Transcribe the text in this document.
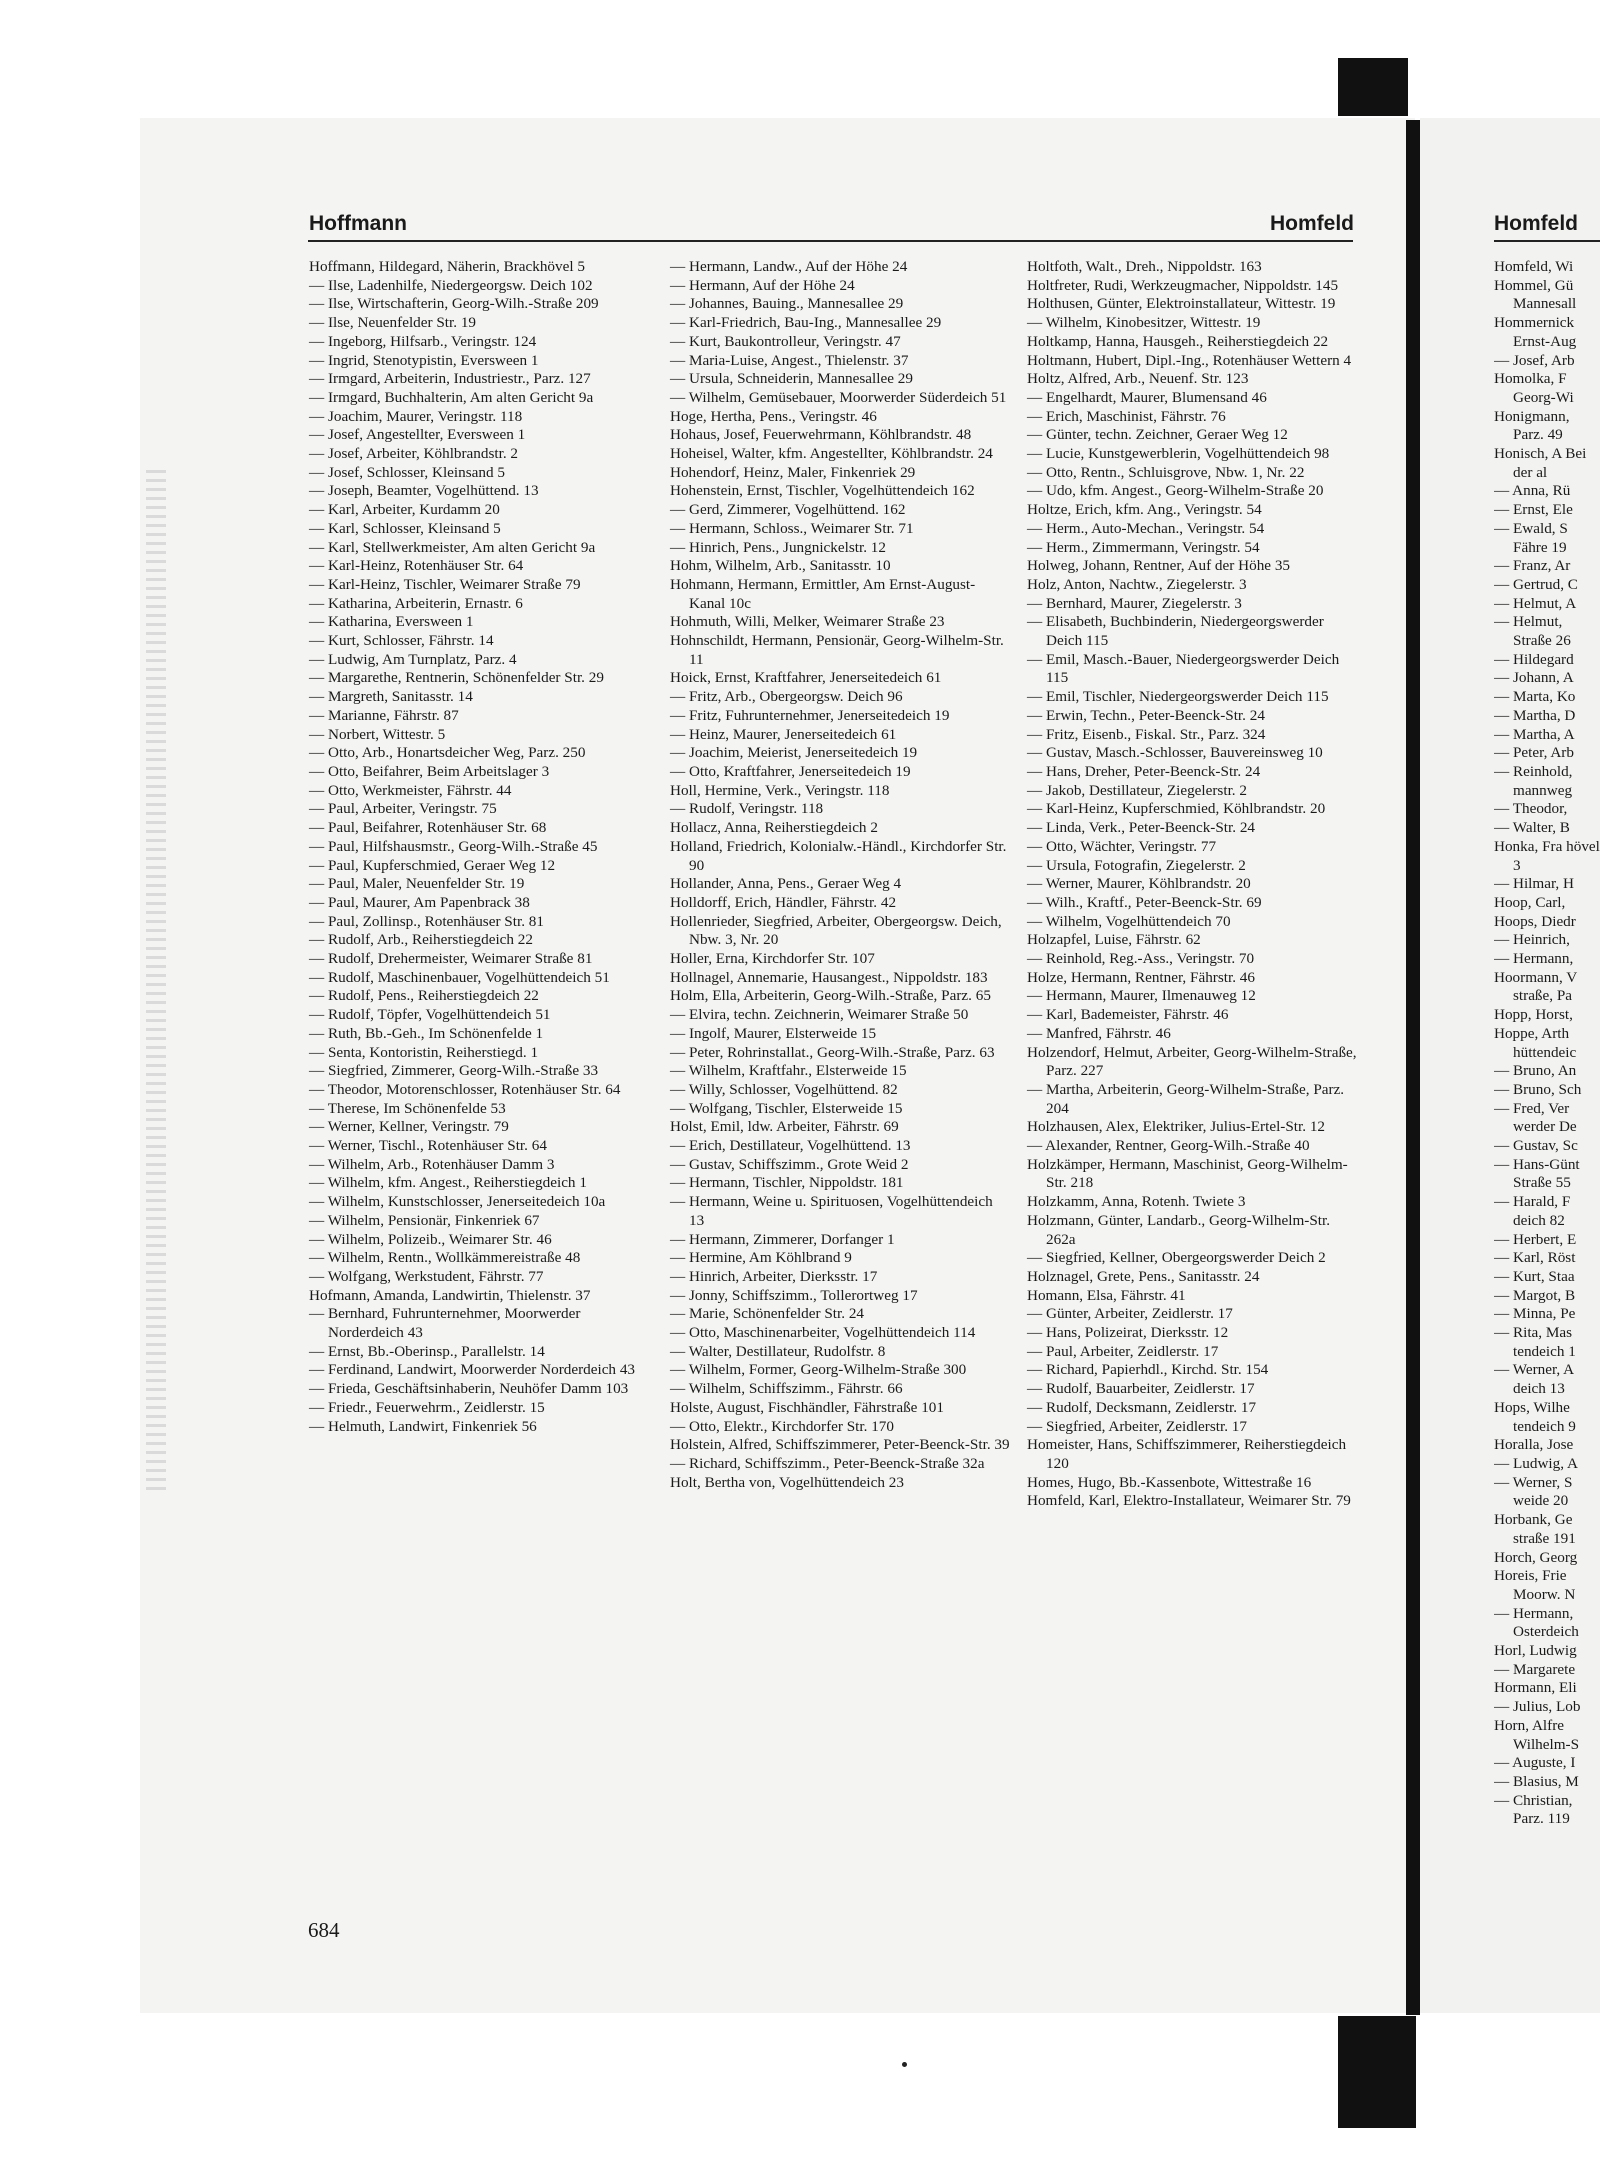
Hoffmann	Homfeld	Homfeld

Hoffmann, Hildegard, Näherin, Brackhövel 5

— Ilse, Ladenhilfe, Niedergeorgsw. Deich 102

— Ilse, Wirtschafterin, Georg-Wilh.-Straße 209

— Ilse, Neuenfelder Str. 19

— Ingeborg, Hilfsarb., Veringstr. 124

— Ingrid, Stenotypistin, Eversween 1

— Irmgard, Arbeiterin, Industriestr., Parz. 127

— Irmgard, Buchhalterin, Am alten Gericht 9a

— Joachim, Maurer, Veringstr. 118

— Josef, Angestellter, Eversween 1

— Josef, Arbeiter, Köhlbrandstr. 2

— Josef, Schlosser, Kleinsand 5

— Joseph, Beamter, Vogelhüttend. 13

— Karl, Arbeiter, Kurdamm 20

— Karl, Schlosser, Kleinsand 5

— Karl, Stellwerkmeister, Am alten Gericht 9a

— Karl-Heinz, Rotenhäuser Str. 64

— Karl-Heinz, Tischler, Weimarer Straße 79

— Katharina, Arbeiterin, Ernastr. 6

— Katharina, Eversween 1

— Kurt, Schlosser, Fährstr. 14

— Ludwig, Am Turnplatz, Parz. 4

— Margarethe, Rentnerin, Schönenfelder Str. 29

— Margreth, Sanitasstr. 14

— Marianne, Fährstr. 87

— Norbert, Wittestr. 5

— Otto, Arb., Honartsdeicher Weg, Parz. 250

— Otto, Beifahrer, Beim Arbeitslager 3

— Otto, Werkmeister, Fährstr. 44

— Paul, Arbeiter, Veringstr. 75

— Paul, Beifahrer, Rotenhäuser Str. 68

— Paul, Hilfshausmstr., Georg-Wilh.-Straße 45

— Paul, Kupferschmied, Geraer Weg 12

— Paul, Maler, Neuenfelder Str. 19

— Paul, Maurer, Am Papenbrack 38

— Paul, Zollinsp., Rotenhäuser Str. 81

— Rudolf, Arb., Reiherstiegdeich 22

— Rudolf, Drehermeister, Weimarer Straße 81

— Rudolf, Maschinenbauer, Vogelhüttendeich 51

— Rudolf, Pens., Reiherstiegdeich 22

— Rudolf, Töpfer, Vogelhüttendeich 51

— Ruth, Bb.-Geh., Im Schönenfelde 1

— Senta, Kontoristin, Reiherstiegd. 1

— Siegfried, Zimmerer, Georg-Wilh.-Straße 33

— Theodor, Motorenschlosser, Rotenhäuser Str. 64

— Therese, Im Schönenfelde 53

— Werner, Kellner, Veringstr. 79

— Werner, Tischl., Rotenhäuser Str. 64

— Wilhelm, Arb., Rotenhäuser Damm 3

— Wilhelm, kfm. Angest., Reiherstiegdeich 1

— Wilhelm, Kunstschlosser, Jenerseitedeich 10a

— Wilhelm, Pensionär, Finkenriek 67

— Wilhelm, Polizeib., Weimarer Str. 46

— Wilhelm, Rentn., Wollkämmereistraße 48

— Wolfgang, Werkstudent, Fährstr. 77

Hofmann, Amanda, Landwirtin, Thielenstr. 37

— Bernhard, Fuhrunternehmer, Moorwerder Norderdeich 43

— Ernst, Bb.-Oberinsp., Parallelstr. 14

— Ferdinand, Landwirt, Moorwerder Norderdeich 43

— Frieda, Geschäftsinhaberin, Neuhöfer Damm 103

— Friedr., Feuerwehrm., Zeidlerstr. 15

— Helmuth, Landwirt, Finkenriek 56

— Hermann, Landw., Auf der Höhe 24

— Hermann, Auf der Höhe 24

— Johannes, Bauing., Mannesallee 29

— Karl-Friedrich, Bau-Ing., Mannesallee 29

— Kurt, Baukontrolleur, Veringstr. 47

— Maria-Luise, Angest., Thielenstr. 37

— Ursula, Schneiderin, Mannesallee 29

— Wilhelm, Gemüsebauer, Moorwerder Süderdeich 51

Hoge, Hertha, Pens., Veringstr. 46

Hohaus, Josef, Feuerwehrmann, Köhlbrandstr. 48

Hoheisel, Walter, kfm. Angestellter, Köhlbrandstr. 24

Hohendorf, Heinz, Maler, Finkenriek 29

Hohenstein, Ernst, Tischler, Vogelhüttendeich 162

— Gerd, Zimmerer, Vogelhüttend. 162

— Hermann, Schloss., Weimarer Str. 71

— Hinrich, Pens., Jungnickelstr. 12

Hohm, Wilhelm, Arb., Sanitasstr. 10

Hohmann, Hermann, Ermittler, Am Ernst-August-Kanal 10c

Hohmuth, Willi, Melker, Weimarer Straße 23

Hohnschildt, Hermann, Pensionär, Georg-Wilhelm-Str. 11

Hoick, Ernst, Kraftfahrer, Jenerseitedeich 61

— Fritz, Arb., Obergeorgsw. Deich 96

— Fritz, Fuhrunternehmer, Jenerseitedeich 19

— Heinz, Maurer, Jenerseitedeich 61

— Joachim, Meierist, Jenerseitedeich 19

— Otto, Kraftfahrer, Jenerseitedeich 19

Holl, Hermine, Verk., Veringstr. 118

— Rudolf, Veringstr. 118

Hollacz, Anna, Reiherstiegdeich 2

Holland, Friedrich, Kolonialw.-Händl., Kirchdorfer Str. 90

Hollander, Anna, Pens., Geraer Weg 4

Holldorff, Erich, Händler, Fährstr. 42

Hollenrieder, Siegfried, Arbeiter, Obergeorgsw. Deich, Nbw. 3, Nr. 20

Holler, Erna, Kirchdorfer Str. 107

Hollnagel, Annemarie, Hausangest., Nippoldstr. 183

Holm, Ella, Arbeiterin, Georg-Wilh.-Straße, Parz. 65

— Elvira, techn. Zeichnerin, Weimarer Straße 50

— Ingolf, Maurer, Elsterweide 15

— Peter, Rohrinstallat., Georg-Wilh.-Straße, Parz. 63

— Wilhelm, Kraftfahr., Elsterweide 15

— Willy, Schlosser, Vogelhüttend. 82

— Wolfgang, Tischler, Elsterweide 15

Holst, Emil, ldw. Arbeiter, Fährstr. 69

— Erich, Destillateur, Vogelhüttend. 13

— Gustav, Schiffszimm., Grote Weid 2

— Hermann, Tischler, Nippoldstr. 181

— Hermann, Weine u. Spirituosen, Vogelhüttendeich 13

— Hermann, Zimmerer, Dorfanger 1

— Hermine, Am Köhlbrand 9

— Hinrich, Arbeiter, Dierksstr. 17

— Jonny, Schiffszimm., Tollerortweg 17

— Marie, Schönenfelder Str. 24

— Otto, Maschinenarbeiter, Vogelhüttendeich 114

— Walter, Destillateur, Rudolfstr. 8

— Wilhelm, Former, Georg-Wilhelm-Straße 300

— Wilhelm, Schiffszimm., Fährstr. 66

Holste, August, Fischhändler, Fährstraße 101

— Otto, Elektr., Kirchdorfer Str. 170

Holstein, Alfred, Schiffszimmerer, Peter-Beenck-Str. 39

— Richard, Schiffszimm., Peter-Beenck-Straße 32a

Holt, Bertha von, Vogelhüttendeich 23

Holtfoth, Walt., Dreh., Nippoldstr. 163

Holtfreter, Rudi, Werkzeugmacher, Nippoldstr. 145

Holthusen, Günter, Elektroinstallateur, Wittestr. 19

— Wilhelm, Kinobesitzer, Wittestr. 19

Holtkamp, Hanna, Hausgeh., Reiherstiegdeich 22

Holtmann, Hubert, Dipl.-Ing., Rotenhäuser Wettern 4

Holtz, Alfred, Arb., Neuenf. Str. 123

— Engelhardt, Maurer, Blumensand 46

— Erich, Maschinist, Fährstr. 76

— Günter, techn. Zeichner, Geraer Weg 12

— Lucie, Kunstgewerblerin, Vogelhüttendeich 98

— Otto, Rentn., Schluisgrove, Nbw. 1, Nr. 22

— Udo, kfm. Angest., Georg-Wilhelm-Straße 20

Holtze, Erich, kfm. Ang., Veringstr. 54

— Herm., Auto-Mechan., Veringstr. 54

— Herm., Zimmermann, Veringstr. 54

Holweg, Johann, Rentner, Auf der Höhe 35

Holz, Anton, Nachtw., Ziegelerstr. 3

— Bernhard, Maurer, Ziegelerstr. 3

— Elisabeth, Buchbinderin, Niedergeorgswerder Deich 115

— Emil, Masch.-Bauer, Niedergeorgswerder Deich 115

— Emil, Tischler, Niedergeorgswerder Deich 115

— Erwin, Techn., Peter-Beenck-Str. 24

— Fritz, Eisenb., Fiskal. Str., Parz. 324

— Gustav, Masch.-Schlosser, Bauvereinsweg 10

— Hans, Dreher, Peter-Beenck-Str. 24

— Jakob, Destillateur, Ziegelerstr. 2

— Karl-Heinz, Kupferschmied, Köhlbrandstr. 20

— Linda, Verk., Peter-Beenck-Str. 24

— Otto, Wächter, Veringstr. 77

— Ursula, Fotografin, Ziegelerstr. 2

— Werner, Maurer, Köhlbrandstr. 20

— Wilh., Kraftf., Peter-Beenck-Str. 69

— Wilhelm, Vogelhüttendeich 70

Holzapfel, Luise, Fährstr. 62

— Reinhold, Reg.-Ass., Veringstr. 70

Holze, Hermann, Rentner, Fährstr. 46

— Hermann, Maurer, Ilmenauweg 12

— Karl, Bademeister, Fährstr. 46

— Manfred, Fährstr. 46

Holzendorf, Helmut, Arbeiter, Georg-Wilhelm-Straße, Parz. 227

— Martha, Arbeiterin, Georg-Wilhelm-Straße, Parz. 204

Holzhausen, Alex, Elektriker, Julius-Ertel-Str. 12

— Alexander, Rentner, Georg-Wilh.-Straße 40

Holzkämper, Hermann, Maschinist, Georg-Wilhelm-Str. 218

Holzkamm, Anna, Rotenh. Twiete 3

Holzmann, Günter, Landarb., Georg-Wilhelm-Str. 262a

— Siegfried, Kellner, Obergeorgswerder Deich 2

Holznagel, Grete, Pens., Sanitasstr. 24

Homann, Elsa, Fährstr. 41

— Günter, Arbeiter, Zeidlerstr. 17

— Hans, Polizeirat, Dierksstr. 12

— Paul, Arbeiter, Zeidlerstr. 17

— Richard, Papierhdl., Kirchd. Str. 154

— Rudolf, Bauarbeiter, Zeidlerstr. 17

— Rudolf, Decksmann, Zeidlerstr. 17

— Siegfried, Arbeiter, Zeidlerstr. 17

Homeister, Hans, Schiffszimmerer, Reiherstiegdeich 120

Homes, Hugo, Bb.-Kassenbote, Wittestraße 16

Homfeld, Karl, Elektro-Installateur, Weimarer Str. 79

Homfeld, Wi

Hommel, Gü Mannesall

Hommernick Ernst-Aug

— Josef, Arb

Homolka, F Georg-Wi

Honigmann, Parz. 49

Honisch, A Bei der al

— Anna, Rü

— Ernst, Ele

— Ewald, S Fähre 19

— Franz, Ar

— Gertrud, C

— Helmut, A

— Helmut, Straße 26

— Hildegard

— Johann, A

— Marta, Ko

— Martha, D

— Martha, A

— Peter, Arb

— Reinhold, mannweg

— Theodor,

— Walter, B

Honka, Fra hövel 3

— Hilmar, H

Hoop, Carl,

Hoops, Diedr

— Heinrich,

— Hermann,

Hoormann, V straße, Pa

Hopp, Horst,

Hoppe, Arth hüttendeic

— Bruno, An

— Bruno, Sch

— Fred, Ver werder De

— Gustav, Sc

— Hans-Günt Straße 55

— Harald, F deich 82

— Herbert, E

— Karl, Röst

— Kurt, Staa

— Margot, B

— Minna, Pe

— Rita, Mas tendeich 1

— Werner, A deich 13

Hops, Wilhe tendeich 9

Horalla, Jose

— Ludwig, A

— Werner, S weide 20

Horbank, Ge straße 191

Horch, Georg

Horeis, Frie Moorw. N

— Hermann, Osterdeich

Horl, Ludwig

— Margarete

Hormann, Eli

— Julius, Lob

Horn, Alfre Wilhelm-S

— Auguste, I

— Blasius, M

— Christian, Parz. 119

684
